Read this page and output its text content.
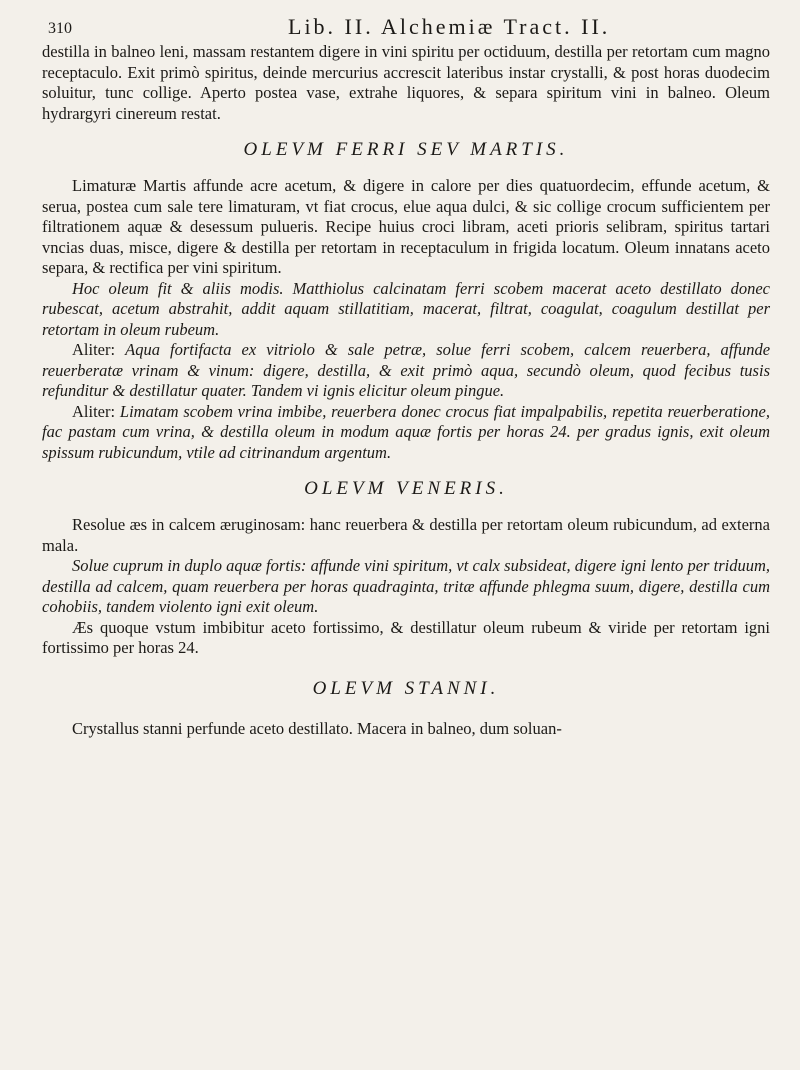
310	Lib. II. Alchemiæ Tract. II.

destilla in balneo leni, massam restantem digere in vini spiritu per octiduum, destilla per retortam cum magno receptaculo. Exit primò spiritus, deinde mercurius accrescit lateribus instar crystalli, & post horas duodecim soluitur, tunc collige. Aperto postea vase, extrahe liquores, & separa spiritum vini in balneo. Oleum hydrargyri cinereum restat.

OLEVM FERRI SEV MARTIS.

Limaturæ Martis affunde acre acetum, & digere in calore per dies quatuordecim, effunde acetum, & serua, postea cum sale tere limaturam, vt fiat crocus, elue aqua dulci, & sic collige crocum sufficientem per filtrationem aquæ & desessum pulueris. Recipe huius croci libram, aceti prioris selibram, spiritus tartari vncias duas, misce, digere & destilla per retortam in receptaculum in frigida locatum. Oleum innatans aceto separa, & rectifica per vini spiritum.

Hoc oleum fit & aliis modis. Matthiolus calcinatam ferri scobem macerat aceto destillato donec rubescat, acetum abstrahit, addit aquam stillatitiam, macerat, filtrat, coagulat, coagulum destillat per retortam in oleum rubeum.

Aliter: Aqua fortifacta ex vitriolo & sale petræ, solue ferri scobem, calcem reuerbera, affunde reuerberatæ vrinam & vinum: digere, destilla, & exit primò aqua, secundò oleum, quod fecibus tusis refunditur & destillatur quater. Tandem vi ignis elicitur oleum pingue.

Aliter: Limatam scobem vrina imbibe, reuerbera donec crocus fiat impalpabilis, repetita reuerberatione, fac pastam cum vrina, & destilla oleum in modum aquæ fortis per horas 24. per gradus ignis, exit oleum spissum rubicundum, vtile ad citrinandum argentum.

OLEVM VENERIS.

Resolue æs in calcem æruginosam: hanc reuerbera & destilla per retortam oleum rubicundum, ad externa mala.

Solue cuprum in duplo aquæ fortis: affunde vini spiritum, vt calx subsideat, digere igni lento per triduum, destilla ad calcem, quam reuerbera per horas quadraginta, tritæ affunde phlegma suum, digere, destilla cum cohobiis, tandem violento igni exit oleum.

Æs quoque vstum imbibitur aceto fortissimo, & destillatur oleum rubeum & viride per retortam igni fortissimo per horas 24.

OLEVM STANNI.

Crystallus stanni perfunde aceto destillato. Macera in balneo, dum soluan-
